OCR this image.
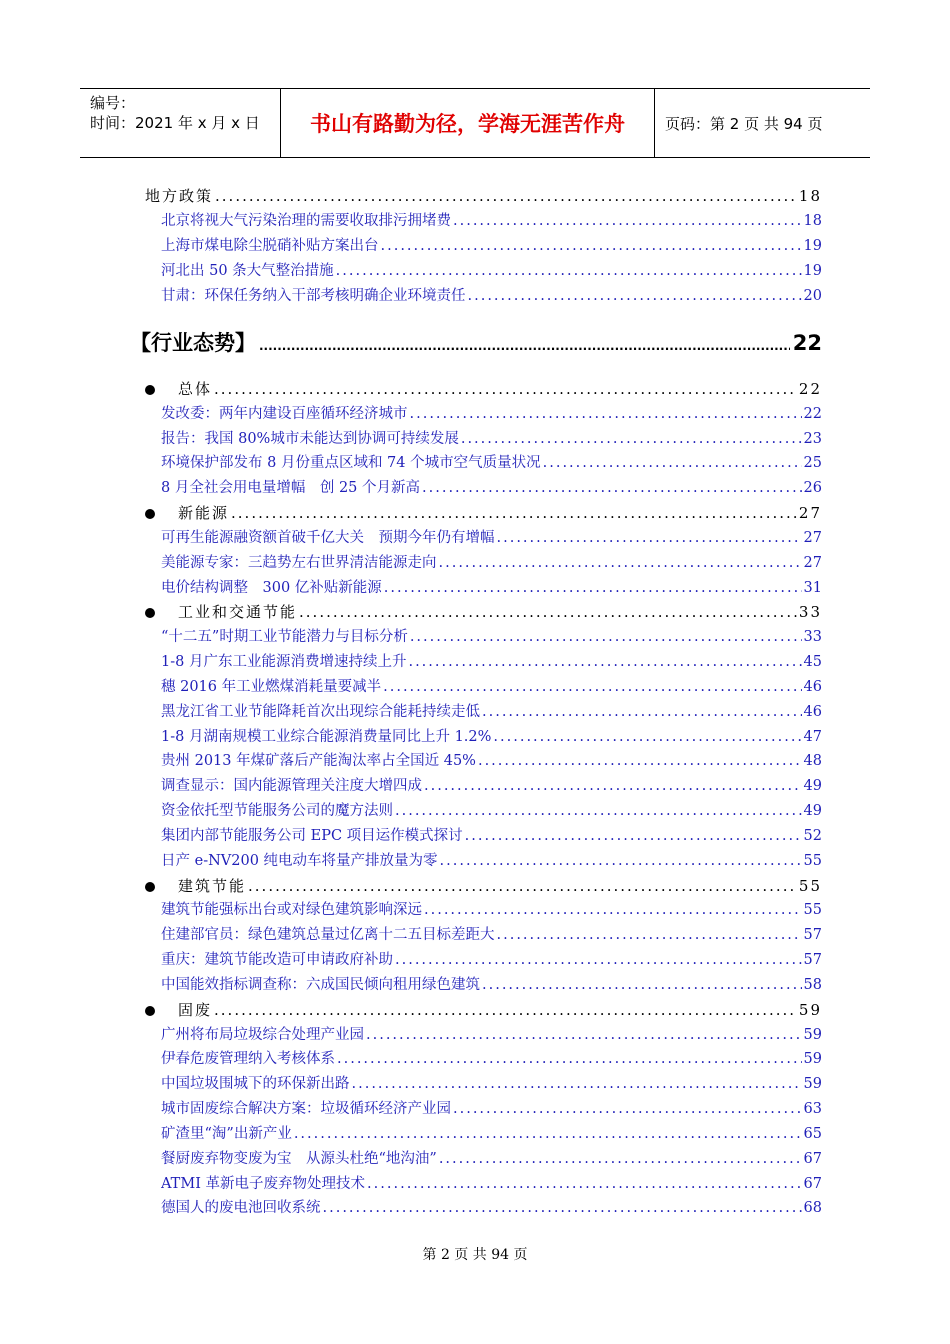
编号：
时间：2021 年 x 月 x 日	书山有路勤为径，学海无涯苦作舟	页码：第 2 页 共 94 页
地方政策 .....	18
北京将视大气污染治理的需要收取排污拥堵费 .....	18
上海市煤电除尘脱硝补贴方案出台 .....	19
河北出 50 条大气整治措施 .....	19
甘肃：环保任务纳入干部考核明确企业环境责任 .....	20
总体 .....	22
发改委：两年内建设百座循环经济城市 .....	22
报告：我国 80%城市未能达到协调可持续发展 .....	23
环境保护部发布 8 月份重点区域和 74 个城市空气质量状况 .....	25
8 月全社会用电量增幅　创 25 个月新高 .....	26
新能源 .....	27
可再生能源融资额首破千亿大关　预期今年仍有增幅 .....	27
美能源专家：三趋势左右世界清洁能源走向 .....	27
电价结构调整　300 亿补贴新能源 .....	31
工业和交通节能 .....	33
“十二五”时期工业节能潜力与目标分析 .....	33
1-8 月广东工业能源消费增速持续上升 .....	45
穗 2016 年工业燃煤消耗量要减半 .....	46
黑龙江省工业节能降耗首次出现综合能耗持续走低 .....	46
1-8 月湖南规模工业综合能源消费量同比上升 1.2% .....	47
贵州 2013 年煤矿落后产能淘汰率占全国近 45% .....	48
调查显示：国内能源管理关注度大增四成 .....	49
资金依托型节能服务公司的魔方法则 .....	49
集团内部节能服务公司 EPC 项目运作模式探讨 .....	52
日产 e-NV200 纯电动车将量产排放量为零 .....	55
建筑节能 .....	55
建筑节能强标出台或对绿色建筑影响深远 .....	55
住建部官员：绿色建筑总量过亿离十二五目标差距大 .....	57
重庆：建筑节能改造可申请政府补助 .....	57
中国能效指标调查称：六成国民倾向租用绿色建筑 .....	58
固废 .....	59
广州将布局垃圾综合处理产业园 .....	59
伊春危废管理纳入考核体系 .....	59
中国垃圾围城下的环保新出路 .....	59
城市固废综合解决方案：垃圾循环经济产业园 .....	63
矿渣里“淘”出新产业 .....	65
餐厨废弃物变废为宝　从源头杜绝“地沟油” .....	67
ATMI 革新电子废弃物处理技术 .....	67
德国人的废电池回收系统 .....	68
【行业态势】 .....	22
第 2 页 共 94 页
